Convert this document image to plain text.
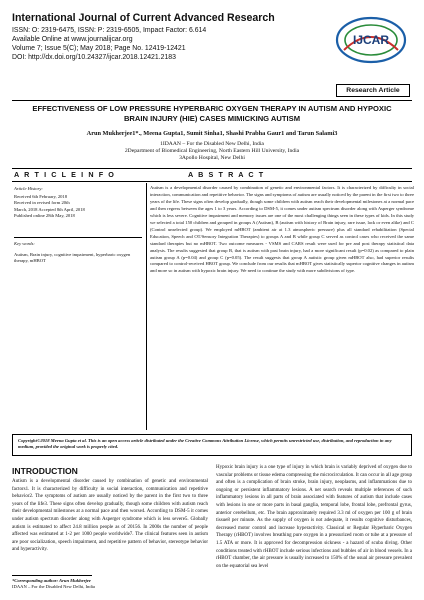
International Journal of Current Advanced Research
ISSN: O: 2319-6475, ISSN: P: 2319-6505, Impact Factor: 6.614
Available Online at www.journalijcar.org
Volume 7; Issue 5(C); May 2018; Page No. 12419-12421
DOI: http://dx.doi.org/10.24327/ijcar.2018.12421.2183
IJCAR
Research Article
EFFECTIVENESS OF LOW PRESSURE HYPERBARIC OXYGEN THERAPY IN AUTISM AND HYPOXIC
BRAIN INJURY (HIE) CASES MIMICKING AUTISM
Arun Mukherjee1*., Meena Gupta1, Sumit Sinha1, Shashi Prabha Gaur1 and Tarun Salami3
1IDAAN – For the Disabled New Delhi, India
2Department of Biomedical Engineering, North Eastern Hill University, India
3Apollo Hospital, New Delhi
A R T I C L E I N F O	A B S T R A C T
Article History:
Received 6th February, 2018
Received in revised form 20th
March, 2018 Accepted 8th April, 2018
Published online 28th May, 2018
Key words:
Autism, Brain injury, cognitive impairment, hyperbaric oxygen therapy, mHBOT
Autism is a developmental disorder caused by combination of genetic and environmental factors. It is characterized by difficulty in social interaction, communication and repetitive behavior. The signs and symptoms of autism are usually noticed by the parent in the first two to three years of the life. These signs often develop gradually, though some children with autism reach their developmental milestones at a normal pace and then regress between the ages 1 to 3 years. According to DSM-5, it comes under autism spectrum disorder along with Asperger syndrome which is less severe. Cognitive impairment and memory issues are one of the most challenging things seen in these types of kids. In this study we selected a total 150 children and grouped in groups A (Autism), B (autism with history of Brain injury, rare issue, lack or even alike) and C (Control unselected group). We employed mHBOT (ambient air at 1.3 atmospheric pressure) plus all standard rehabilitation (Special Education, Speech and OT/Sensory Integration Therapies) to groups A and B while group C served as control cases who received the same standard therapies but no mHBOT. Two outcome measures - VSMS and CARS result were used for pre and post therapy statistical data analysis. The results suggested that group B, that is autism with past brain injury, had a more significant result (p=0.02) as compared to plain autism group A (p=0.04) and group C (p=0.05). The result suggests that group A autistic group given mHBOT also, had superior results compared to control-received HBOT group. We conclude from our results that mHBOT gives statistically superior cognitive changes in autism and more so in autism with hypoxic brain injury. We need to continue the study with more subdivisions of type.
Copyright©2018 Meena Gupta et al. This is an open access article distributed under the Creative Commons Attribution License, which permits unrestricted use, distribution, and reproduction in any medium, provided the original work is properly cited.
INTRODUCTION
Autism is a developmental disorder caused by combination of genetic and environmental factors1. It is characterized by difficulty in social interaction, communication and repetitive behavior2. The symptoms of autism are usually noticed by the parent in the first two to three years of the life3. These signs often develop gradually, though some children with autism reach their developmental milestones at a normal pace and then worse4. According to DSM-5 it comes under autism spectrum disorder along with Asperger syndrome which is less severe5. Globally autism is estimated to affect 24.8 million people as of 20156. In 2000s the number of people affected was estimated at 1-2 per 1000 people worldwide7. The clinical features seen in autism are poor socialization, speech impairment, and repetitive pattern of behavior, stereotype behavior and hyperactivity.
Hypoxic brain injury is a one type of injury in which brain is variably deprived of oxygen due to vascular problems or tissue edema compressing the microcirculation. It can occur in all age group and often is a complication of brain stroke, brain injury, neoplasms, and inflammations due to ongoing or persistent inflammatory lesions. A net search reveals multiple references of such inflammatory lesions in all parts of brain associated with features of autism that include cases with lesions in one or more parts in basal ganglia, temporal lobe, frontal lobe, prefrontal gyrus, anterior cerebellum, etc. The brain approximately required 3.3 ml of oxygen per 100 g of brain tissue8 per minute. As the supply of oxygen is not adequate, it results cognitive disturbances, decreased motor control and increase hyperactivity. Classical or Regular Hyperbaric Oxygen Therapy (rHBOT) involves breathing pure oxygen in a pressurized room or tube at a pressure of 1.5 ATA or more. It is approved for decompression sickness - a hazard of scuba diving. Other conditions treated with rHBOT include serious infections and bubbles of air in blood vessels. In a rHBOT chamber, the air pressure is usually increased to 150% of the usual air pressure prevalent on the equatorial sea level
*Corresponding author: Arun Mukherjee
IDAAN – For the Disabled New Delhi, India
